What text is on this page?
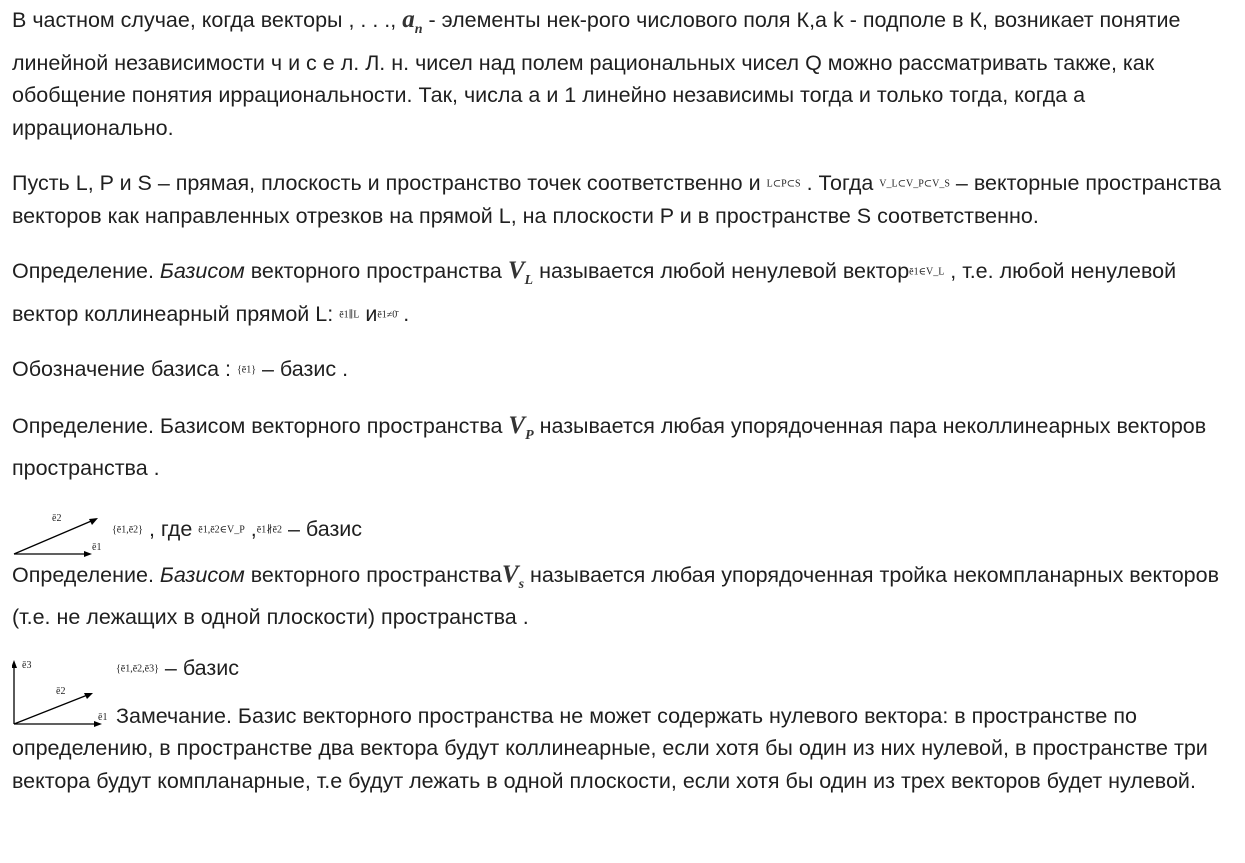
В частном случае, когда векторы , . . ., $a_n$ - элементы нек-рого числового поля К,а k - подполе в К, возникает понятие линейной независимости ч и с е л. Л. н. чисел над полем рациональных чисел Q можно рассматривать также, как обобщение понятия иррациональности. Так, числа a и 1 линейно независимы тогда и только тогда, когда a иррационально.

Пусть L, P и S – прямая, плоскость и пространство точек соответственно и L⊂P⊂S . Тогда V_L⊂V_P⊂V_S – векторные пространства векторов как направленных отрезков на прямой L, на плоскости P и в пространстве S соответственно.

Определение. Базисом векторного пространства $V_L$ называется любой ненулевой векторē1∈V_L , т.е. любой ненулевой вектор коллинеарный прямой L: ē1∥L иē1≠0̄ .

Обозначение базиса : {ē1} – базис .

Определение. Базисом векторного пространства $V_P$ называется любая упорядоченная пара неколлинеарных векторов пространства .

ē2
ē1
{ē1,ē2} , где ē1,ē2∈V_P ,ē1∦ē2 – базис

Определение. Базисом векторного пространстваV$_s$ называется любая упорядоченная тройка некомпланарных векторов (т.е. не лежащих в одной плоскости) пространства .

ē3
ē2
ē1
{ē1,ē2,ē3} – базис

Замечание. Базис векторного пространства не может содержать нулевого вектора: в пространстве по определению, в пространстве два вектора будут коллинеарные, если хотя бы один из них нулевой, в пространстве три вектора будут компланарные, т.е будут лежать в одной плоскости, если хотя бы один из трех векторов будет нулевой.
